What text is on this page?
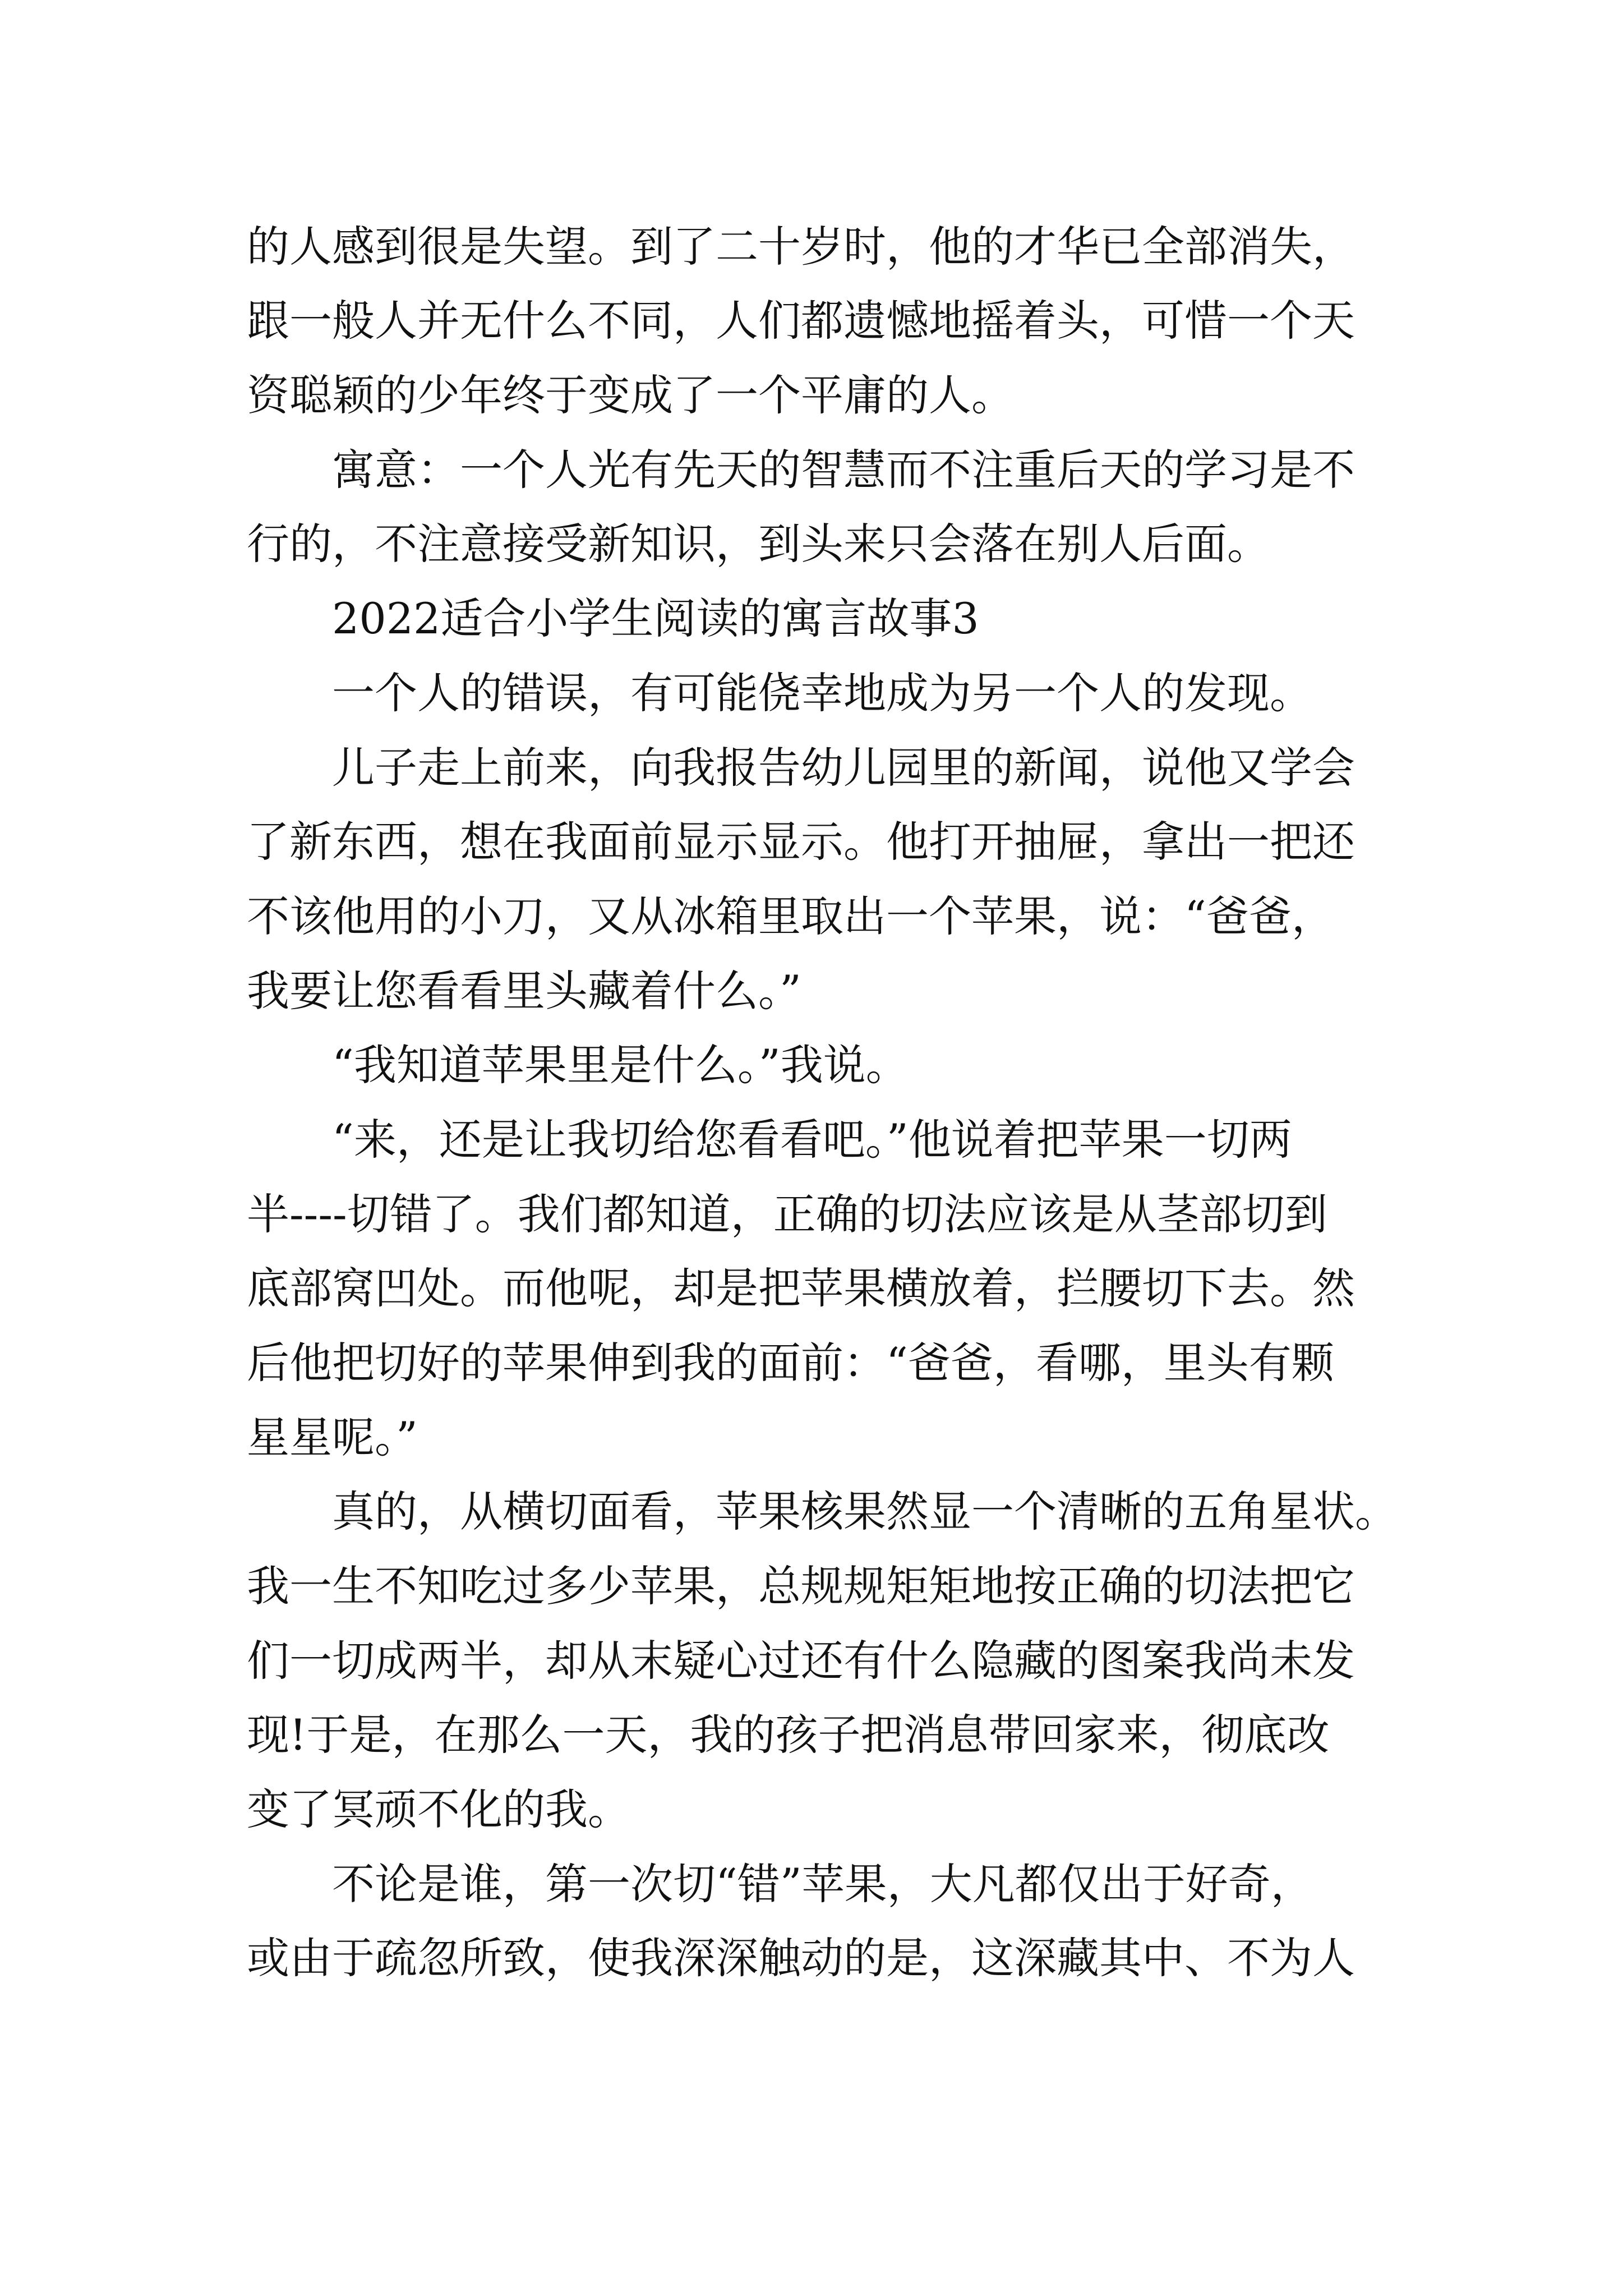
的人感到很是失望。到了二十岁时，他的才华已全部消失，
跟一般人并无什么不同，人们都遗憾地摇着头，可惜一个天
资聪颖的少年终于变成了一个平庸的人。
寓意：一个人光有先天的智慧而不注重后天的学习是不
行的，不注意接受新知识，到头来只会落在别人后面。
2022适合小学生阅读的寓言故事3
一个人的错误，有可能侥幸地成为另一个人的发现。
儿子走上前来，向我报告幼儿园里的新闻，说他又学会
了新东西，想在我面前显示显示。他打开抽屉，拿出一把还
不该他用的小刀，又从冰箱里取出一个苹果，说：“爸爸，
我要让您看看里头藏着什么。”
“我知道苹果里是什么。”我说。
“来，还是让我切给您看看吧。”他说着把苹果一切两
半----切错了。我们都知道，正确的切法应该是从茎部切到
底部窝凹处。而他呢，却是把苹果横放着，拦腰切下去。然
后他把切好的苹果伸到我的面前：“爸爸，看哪，里头有颗
星星呢。”
真的，从横切面看，苹果核果然显一个清晰的五角星状。
我一生不知吃过多少苹果，总规规矩矩地按正确的切法把它
们一切成两半，却从末疑心过还有什么隐藏的图案我尚未发
现!于是，在那么一天，我的孩子把消息带回家来，彻底改
变了冥顽不化的我。
不论是谁，第一次切“错”苹果，大凡都仅出于好奇，
或由于疏忽所致，使我深深触动的是，这深藏其中、不为人
